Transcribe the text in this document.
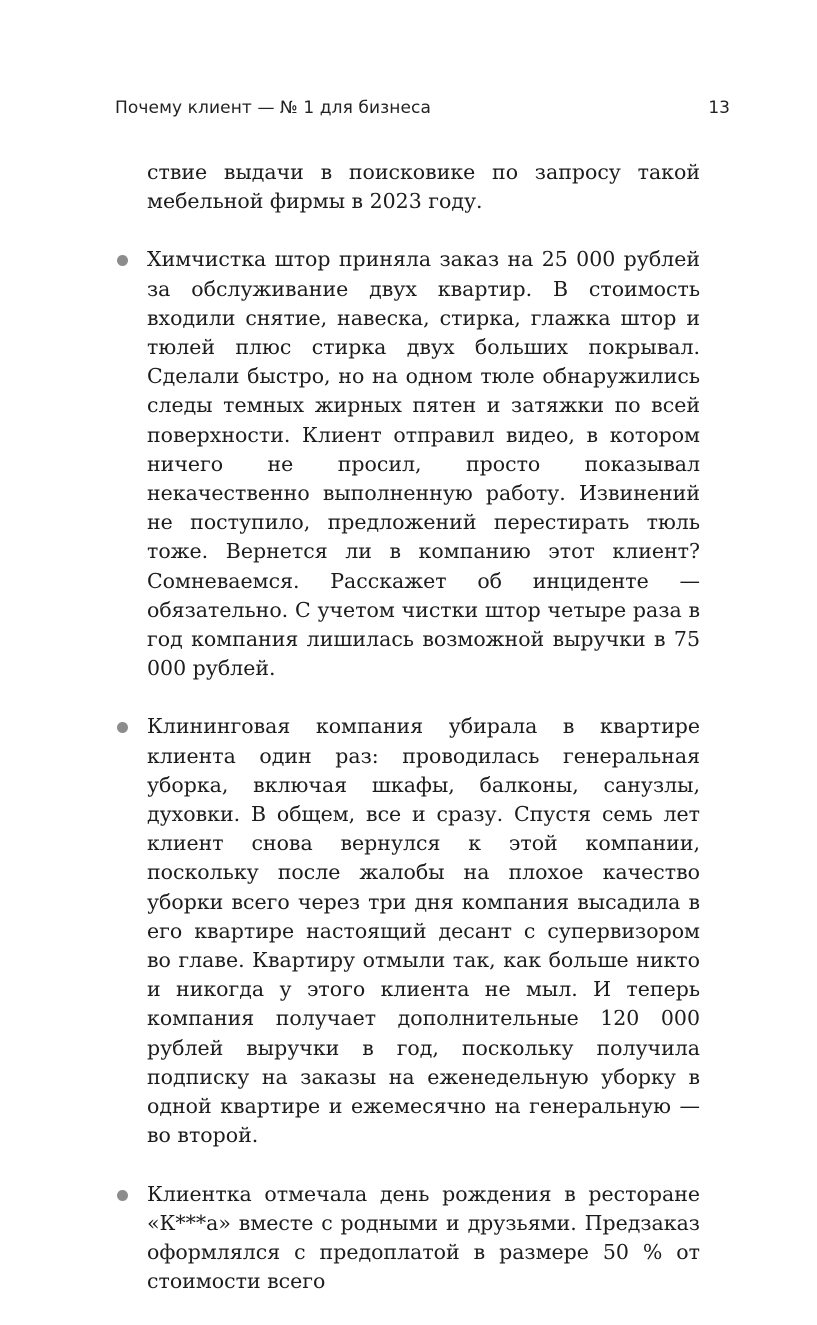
Почему клиент — № 1 для бизнеса	13

ствие выдачи в поисковике по запросу такой мебельной фирмы в 2023 году.

Химчистка штор приняла заказ на 25 000 рублей за обслуживание двух квартир. В стоимость входили снятие, навеска, стирка, глажка штор и тюлей плюс стирка двух больших покрывал. Сделали быстро, но на одном тюле обнаружились следы темных жирных пятен и затяжки по всей поверхности. Клиент отправил видео, в котором ничего не просил, просто показывал некачественно выполненную работу. Извинений не поступило, предложений перестирать тюль тоже. Вернется ли в компанию этот клиент? Сомневаемся. Расскажет об инциденте — обязательно. С учетом чистки штор четыре раза в год компания лишилась возможной выручки в 75 000 рублей.

Клининговая компания убирала в квартире клиента один раз: проводилась генеральная уборка, включая шкафы, балконы, санузлы, духовки. В общем, все и сразу. Спустя семь лет клиент снова вернулся к этой компании, поскольку после жалобы на плохое качество уборки всего через три дня компания высадила в его квартире настоящий десант с супервизором во главе. Квартиру отмыли так, как больше никто и никогда у этого клиента не мыл. И теперь компания получает дополнительные 120 000 рублей выручки в год, поскольку получила подписку на заказы на еженедельную уборку в одной квартире и ежемесячно на генеральную — во второй.

Клиентка отмечала день рождения в ресторане «К***а» вместе с родными и друзьями. Предзаказ оформлялся с предоплатой в размере 50 % от стоимости всего
